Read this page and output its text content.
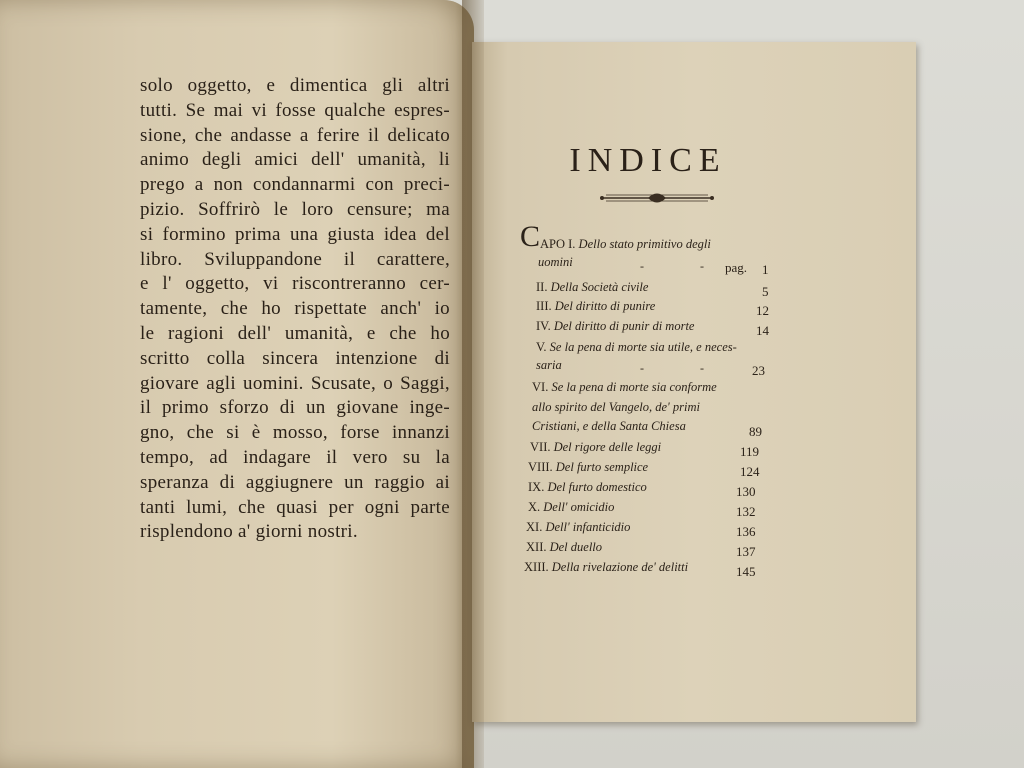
solo oggetto, e dimentica gli altri
tutti. Se mai vi fosse qualche espres-
sione, che andasse a ferire il delicato
animo degli amici dell' umanità, li
prego a non condannarmi con preci-
pizio. Soffrirò le loro censure; ma
si formino prima una giusta idea del
libro. Sviluppandone il carattere,
e l' oggetto, vi riscontreranno cer-
tamente, che ho rispettate anch' io
le ragioni dell' umanità, e che ho
scritto colla sincera intenzione di
giovare agli uomini. Scusate, o Saggi,
il primo sforzo di un giovane inge-
gno, che si è mosso, forse innanzi
tempo, ad indagare il vero su la
speranza di aggiugnere un raggio ai
tanti lumi, che quasi per ogni parte
risplendono a' giorni nostri.
INDICE
C APO I. Dello stato primitivo degli
uomini	-	- pag. 1
II. Della Società civile	5
III. Del diritto di punire	12
IV. Del diritto di punir di morte	14
V. Se la pena di morte sia utile, e neces-
saria	-	-	23
VI. Se la pena di morte sia conforme
allo spirito del Vangelo, de' primi
Cristiani, e della Santa Chiesa	89
VII. Del rigore delle leggi	119
VIII. Del furto semplice	124
IX. Del furto domestico	130
X. Dell' omicidio	132
XI. Dell' infanticidio	136
XII. Del duello	137
XIII. Della rivelazione de' delitti	145
